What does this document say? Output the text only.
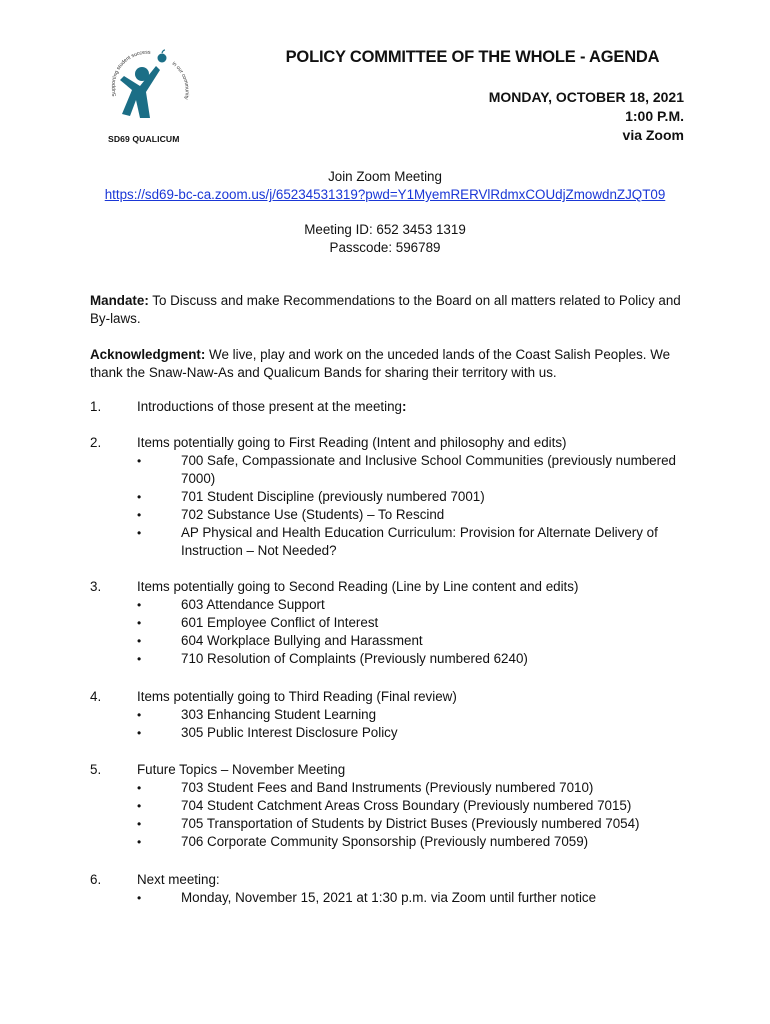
Supporting student success
in our community
SD69 QUALICUM
POLICY COMMITTEE OF THE WHOLE - AGENDA
MONDAY, OCTOBER 18, 2021
1:00 P.M.
via Zoom
Join Zoom Meeting
https://sd69-bc-ca.zoom.us/j/65234531319?pwd=Y1MyemRERVlRdmxCOUdjZmowdnZJQT09
Meeting ID: 652 3453 1319
Passcode: 596789
Mandate: To Discuss and make Recommendations to the Board on all matters related to Policy and By-laws.
Acknowledgment: We live, play and work on the unceded lands of the Coast Salish Peoples. We thank the Snaw-Naw-As and Qualicum Bands for sharing their territory with us.
1.	Introductions of those present at the meeting:
2.	Items potentially going to First Reading (Intent and philosophy and edits)
•
700 Safe, Compassionate and Inclusive School Communities (previously numbered 7000)
•
701 Student Discipline (previously numbered 7001)
•
702 Substance Use (Students) – To Rescind
•
AP Physical and Health Education Curriculum: Provision for Alternate Delivery of Instruction – Not Needed?
3.	Items potentially going to Second Reading (Line by Line content and edits)
•
603 Attendance Support
•
601 Employee Conflict of Interest
•
604 Workplace Bullying and Harassment
•
710 Resolution of Complaints (Previously numbered 6240)
4.	Items potentially going to Third Reading (Final review)
•
303 Enhancing Student Learning
•
305 Public Interest Disclosure Policy
5.	Future Topics – November Meeting
•
703 Student Fees and Band Instruments (Previously numbered 7010)
•
704 Student Catchment Areas Cross Boundary (Previously numbered 7015)
•
705 Transportation of Students by District Buses (Previously numbered 7054)
•
706 Corporate Community Sponsorship (Previously numbered 7059)
6.	Next meeting:
•
Monday, November 15, 2021 at 1:30 p.m. via Zoom until further notice
